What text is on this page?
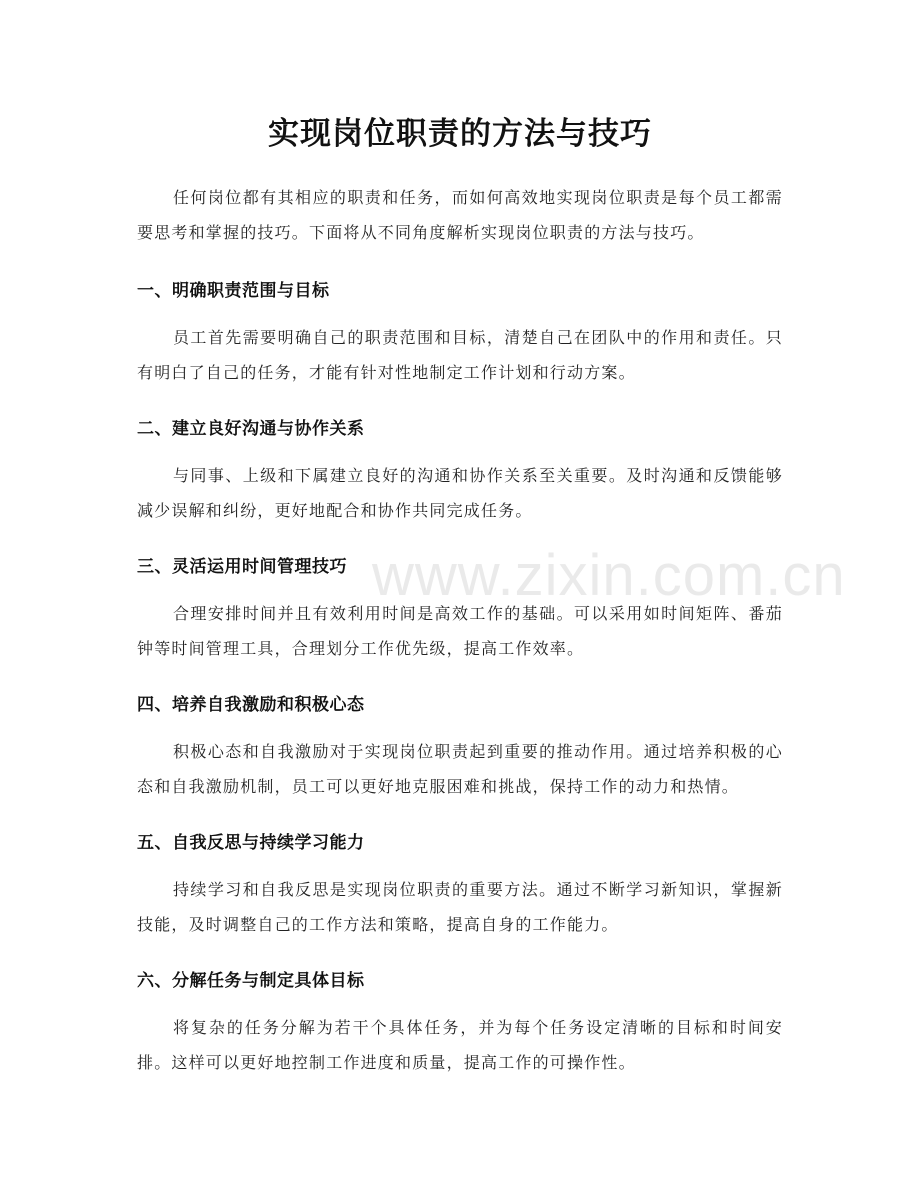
实现岗位职责的方法与技巧

任何岗位都有其相应的职责和任务，而如何高效地实现岗位职责是每个员工都需要思考和掌握的技巧。下面将从不同角度解析实现岗位职责的方法与技巧。

一、明确职责范围与目标

员工首先需要明确自己的职责范围和目标，清楚自己在团队中的作用和责任。只有明白了自己的任务，才能有针对性地制定工作计划和行动方案。

二、建立良好沟通与协作关系

与同事、上级和下属建立良好的沟通和协作关系至关重要。及时沟通和反馈能够减少误解和纠纷，更好地配合和协作共同完成任务。

三、灵活运用时间管理技巧

合理安排时间并且有效利用时间是高效工作的基础。可以采用如时间矩阵、番茄钟等时间管理工具，合理划分工作优先级，提高工作效率。

四、培养自我激励和积极心态

积极心态和自我激励对于实现岗位职责起到重要的推动作用。通过培养积极的心态和自我激励机制，员工可以更好地克服困难和挑战，保持工作的动力和热情。

五、自我反思与持续学习能力

持续学习和自我反思是实现岗位职责的重要方法。通过不断学习新知识，掌握新技能，及时调整自己的工作方法和策略，提高自身的工作能力。

六、分解任务与制定具体目标

将复杂的任务分解为若干个具体任务，并为每个任务设定清晰的目标和时间安排。这样可以更好地控制工作进度和质量，提高工作的可操作性。

www.zixin.com.cn
